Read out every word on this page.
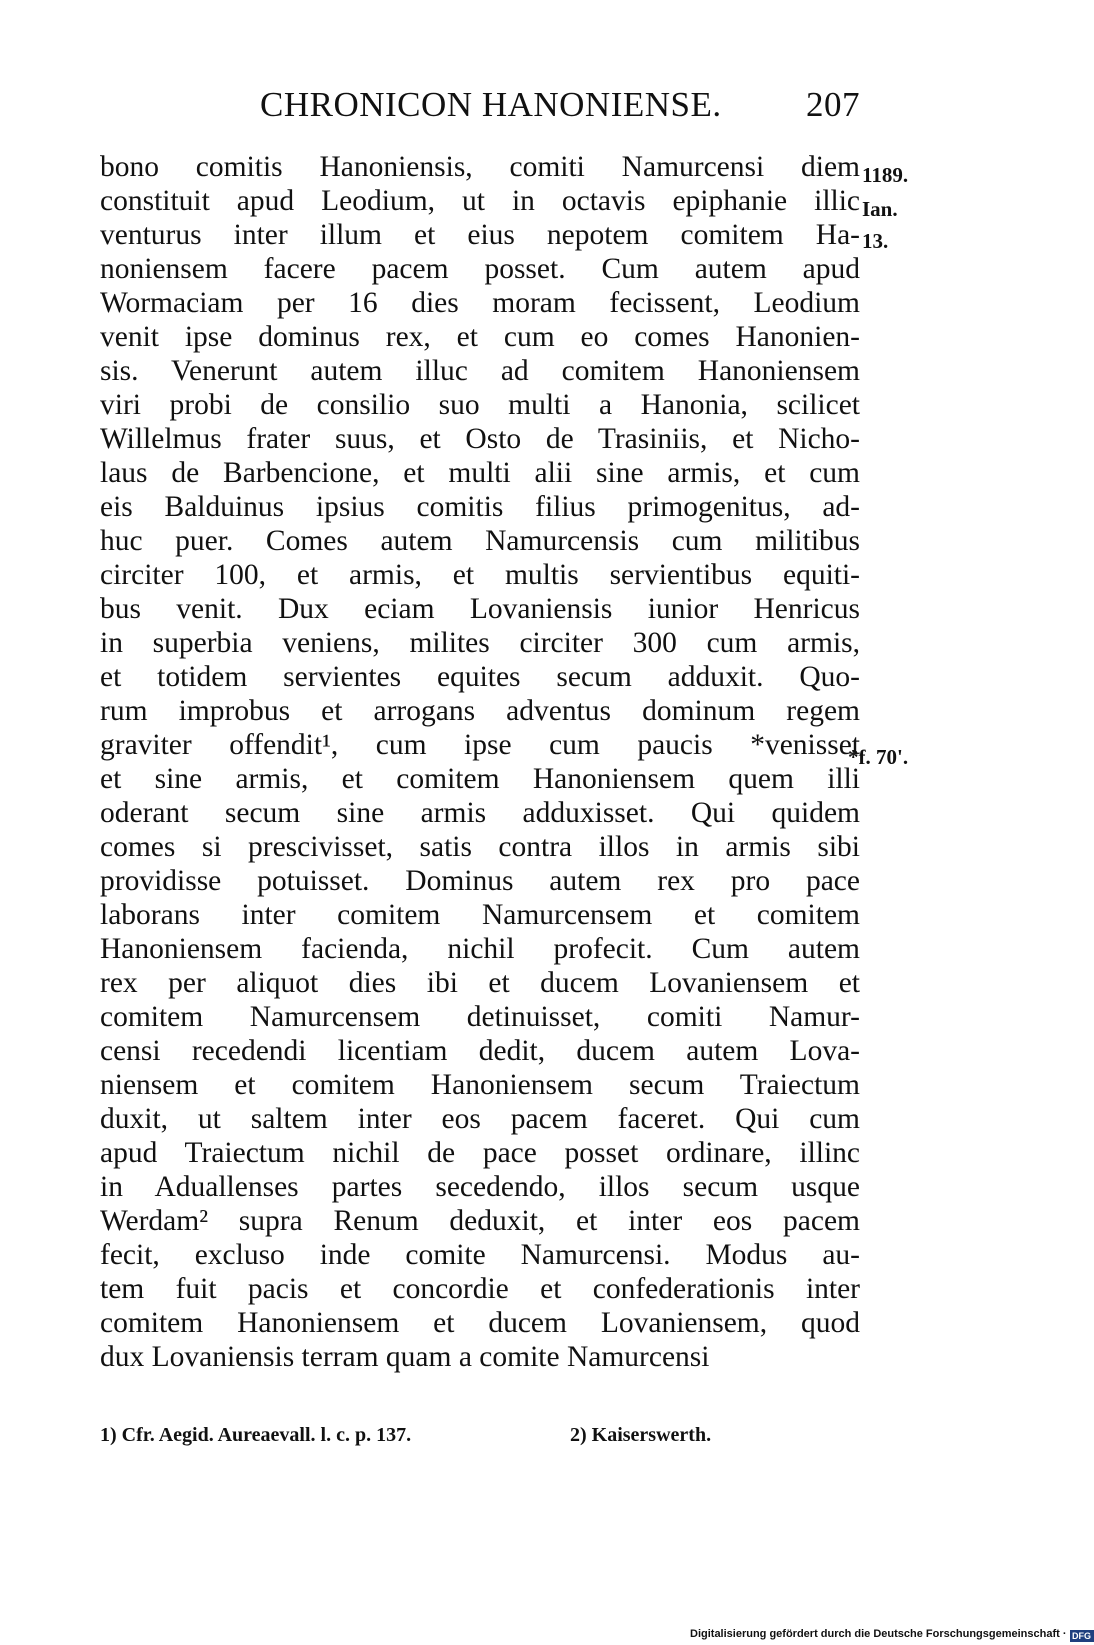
CHRONICON HANONIENSE. 207
bono comitis Hanoniensis, comiti Namurcensi diem
constituit apud Leodium, ut in octavis epiphanie illic
venturus inter illum et eius nepotem comitem Ha-
noniensem facere pacem posset. Cum autem apud
Wormaciam per 16 dies moram fecissent, Leodium
venit ipse dominus rex, et cum eo comes Hanonien-
sis. Venerunt autem illuc ad comitem Hanoniensem
viri probi de consilio suo multi a Hanonia, scilicet
Willelmus frater suus, et Osto de Trasiniis, et Nicho-
laus de Barbencione, et multi alii sine armis, et cum
eis Balduinus ipsius comitis filius primogenitus, ad-
huc puer. Comes autem Namurcensis cum militibus
circiter 100, et armis, et multis servientibus equiti-
bus venit. Dux eciam Lovaniensis iunior Henricus
in superbia veniens, milites circiter 300 cum armis,
et totidem servientes equites secum adduxit. Quo-
rum improbus et arrogans adventus dominum regem
graviter offendit¹, cum ipse cum paucis *venisset
et sine armis, et comitem Hanoniensem quem illi
oderant secum sine armis adduxisset. Qui quidem
comes si prescivisset, satis contra illos in armis sibi
providisse potuisset. Dominus autem rex pro pace
laborans inter comitem Namurcensem et comitem
Hanoniensem facienda, nichil profecit. Cum autem
rex per aliquot dies ibi et ducem Lovaniensem et
comitem Namurcensem detinuisset, comiti Namur-
censi recedendi licentiam dedit, ducem autem Lova-
niensem et comitem Hanoniensem secum Traiectum
duxit, ut saltem inter eos pacem faceret. Qui cum
apud Traiectum nichil de pace posset ordinare, illinc
in Aduallenses partes secedendo, illos secum usque
Werdam² supra Renum deduxit, et inter eos pacem
fecit, excluso inde comite Namurcensi. Modus au-
tem fuit pacis et concordie et confederationis inter
comitem Hanoniensem et ducem Lovaniensem, quod
dux Lovaniensis terram quam a comite Namurcensi
1189.
Ian.
13.
*f. 70'.
1) Cfr. Aegid. Aureaevall. l. c. p. 137.	2) Kaiserswerth.
Digitalisierung gefördert durch die Deutsche Forschungsgemeinschaft · DFG
